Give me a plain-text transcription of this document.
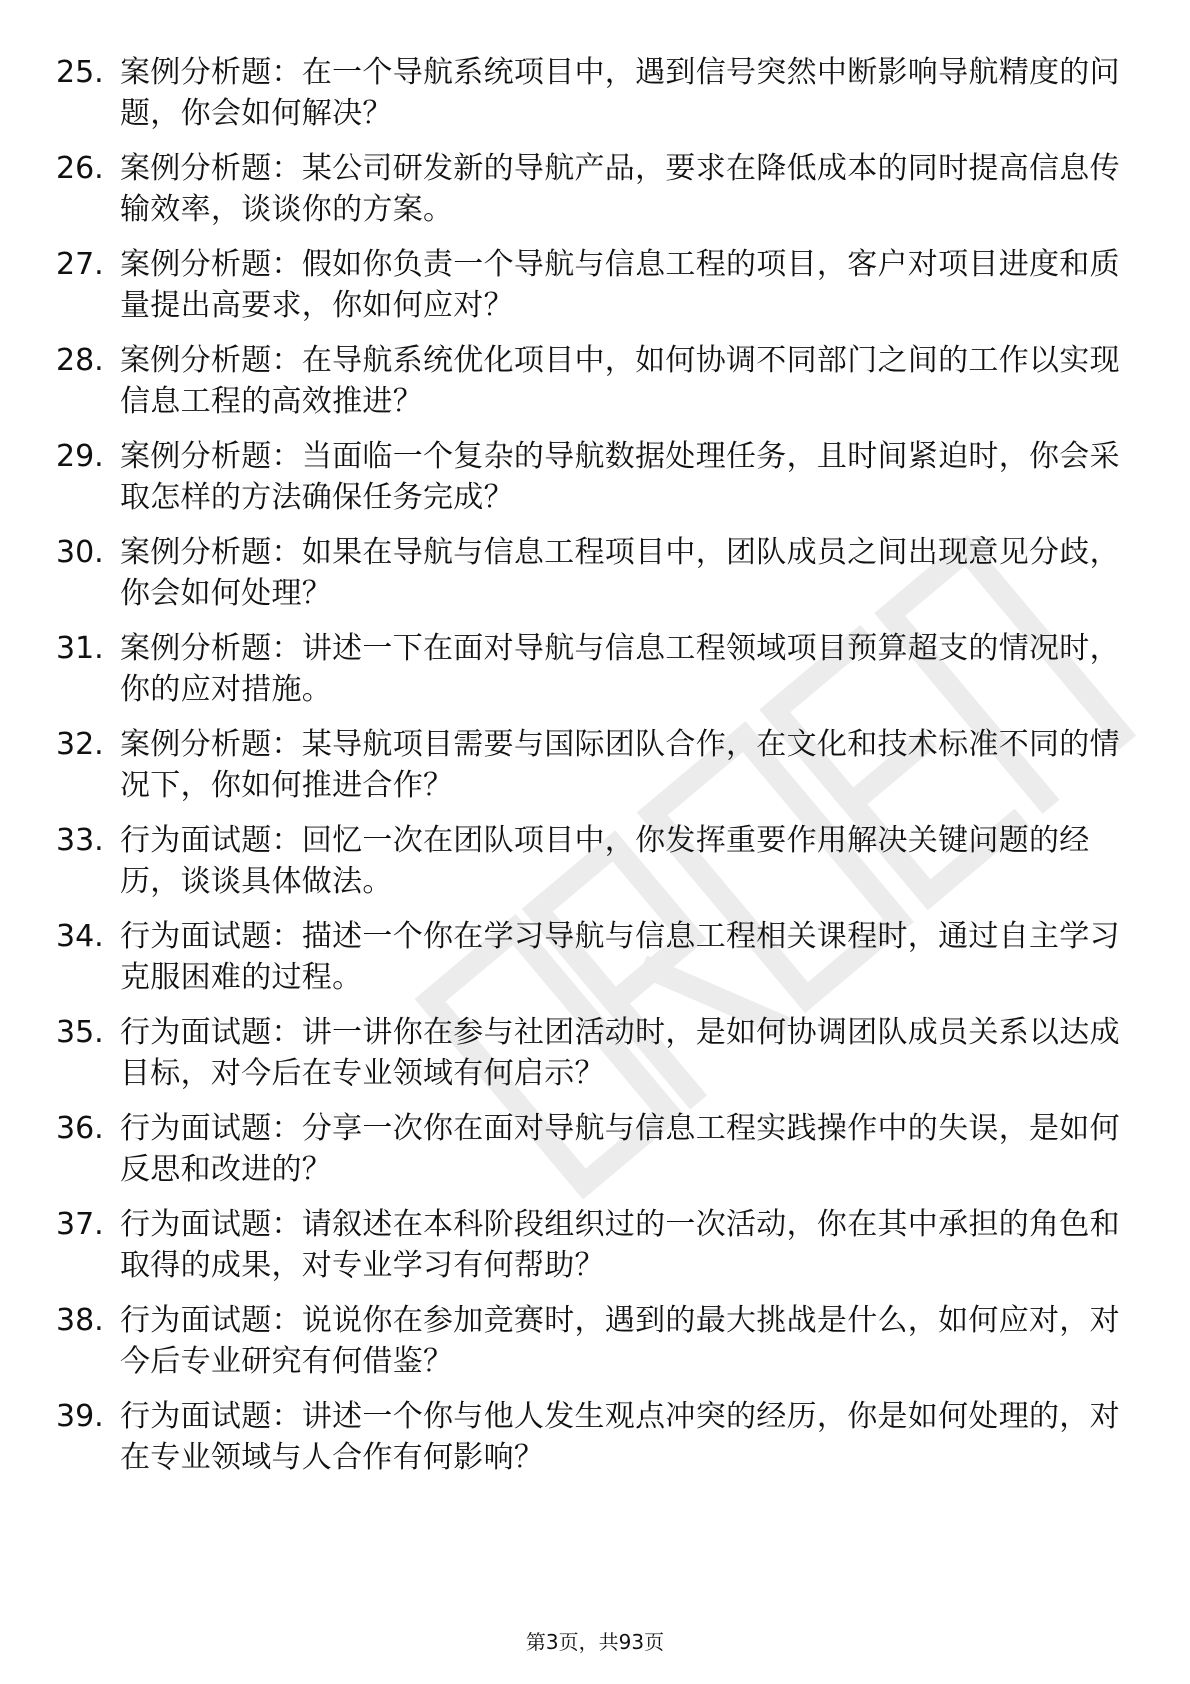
25. 案例分析题：在一个导航系统项目中，遇到信号突然中断影响导航精度的问题，你会如何解决？
26. 案例分析题：某公司研发新的导航产品，要求在降低成本的同时提高信息传输效率，谈谈你的方案。
27. 案例分析题：假如你负责一个导航与信息工程的项目，客户对项目进度和质量提出高要求，你如何应对？
28. 案例分析题：在导航系统优化项目中，如何协调不同部门之间的工作以实现信息工程的高效推进？
29. 案例分析题：当面临一个复杂的导航数据处理任务，且时间紧迫时，你会采取怎样的方法确保任务完成？
30. 案例分析题：如果在导航与信息工程项目中，团队成员之间出现意见分歧，你会如何处理？
31. 案例分析题：讲述一下在面对导航与信息工程领域项目预算超支的情况时，你的应对措施。
32. 案例分析题：某导航项目需要与国际团队合作，在文化和技术标准不同的情况下，你如何推进合作？
33. 行为面试题：回忆一次在团队项目中，你发挥重要作用解决关键问题的经历，谈谈具体做法。
34. 行为面试题：描述一个你在学习导航与信息工程相关课程时，通过自主学习克服困难的过程。
35. 行为面试题：讲一讲你在参与社团活动时，是如何协调团队成员关系以达成目标，对今后在专业领域有何启示？
36. 行为面试题：分享一次你在面对导航与信息工程实践操作中的失误，是如何反思和改进的？
37. 行为面试题：请叙述在本科阶段组织过的一次活动，你在其中承担的角色和取得的成果，对专业学习有何帮助？
38. 行为面试题：说说你在参加竞赛时，遇到的最大挑战是什么，如何应对，对今后专业研究有何借鉴？
39. 行为面试题：讲述一个你与他人发生观点冲突的经历，你是如何处理的，对在专业领域与人合作有何影响？
第3页，共93页
